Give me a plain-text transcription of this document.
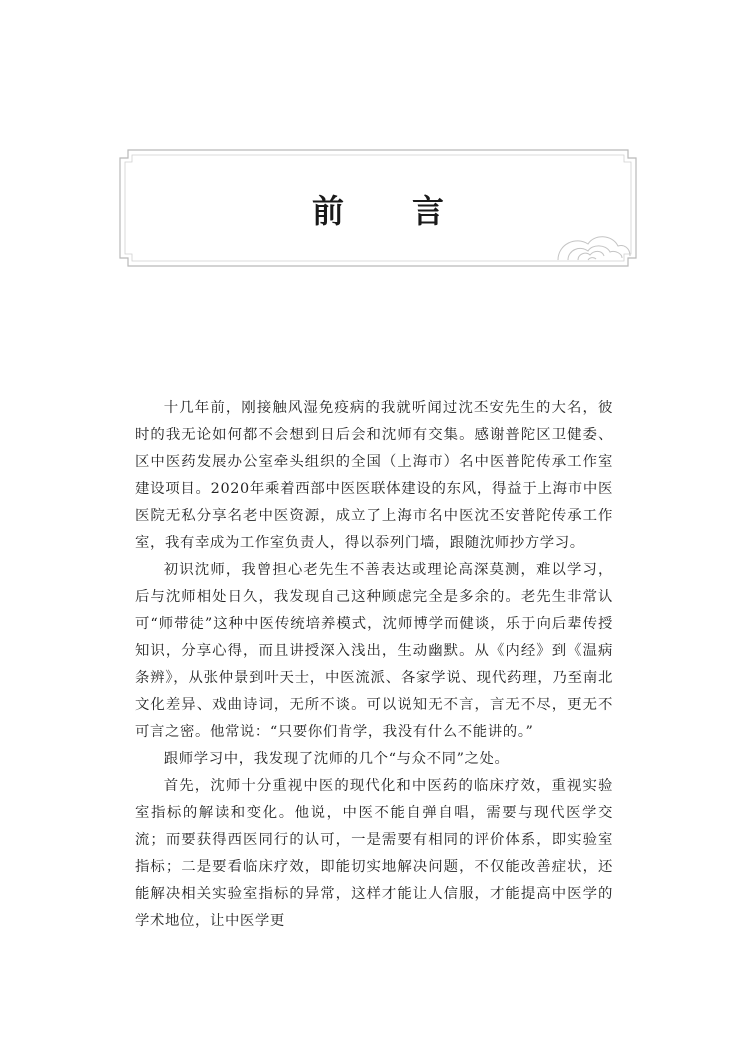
前言

十几年前，刚接触风湿免疫病的我就听闻过沈丕安先生的大名，彼时的我无论如何都不会想到日后会和沈师有交集。感谢普陀区卫健委、区中医药发展办公室牵头组织的全国（上海市）名中医普陀传承工作室建设项目。2020年乘着西部中医医联体建设的东风，得益于上海市中医医院无私分享名老中医资源，成立了上海市名中医沈丕安普陀传承工作室，我有幸成为工作室负责人，得以忝列门墙，跟随沈师抄方学习。

初识沈师，我曾担心老先生不善表达或理论高深莫测，难以学习，后与沈师相处日久，我发现自己这种顾虑完全是多余的。老先生非常认可“师带徒”这种中医传统培养模式，沈师博学而健谈，乐于向后辈传授知识，分享心得，而且讲授深入浅出，生动幽默。从《内经》到《温病条辨》，从张仲景到叶天士，中医流派、各家学说、现代药理，乃至南北文化差异、戏曲诗词，无所不谈。可以说知无不言，言无不尽，更无不可言之密。他常说：“只要你们肯学，我没有什么不能讲的。”

跟师学习中，我发现了沈师的几个“与众不同”之处。

首先，沈师十分重视中医的现代化和中医药的临床疗效，重视实验室指标的解读和变化。他说，中医不能自弹自唱，需要与现代医学交流；而要获得西医同行的认可，一是需要有相同的评价体系，即实验室指标；二是要看临床疗效，即能切实地解决问题，不仅能改善症状，还能解决相关实验室指标的异常，这样才能让人信服，才能提高中医学的学术地位，让中医学更
